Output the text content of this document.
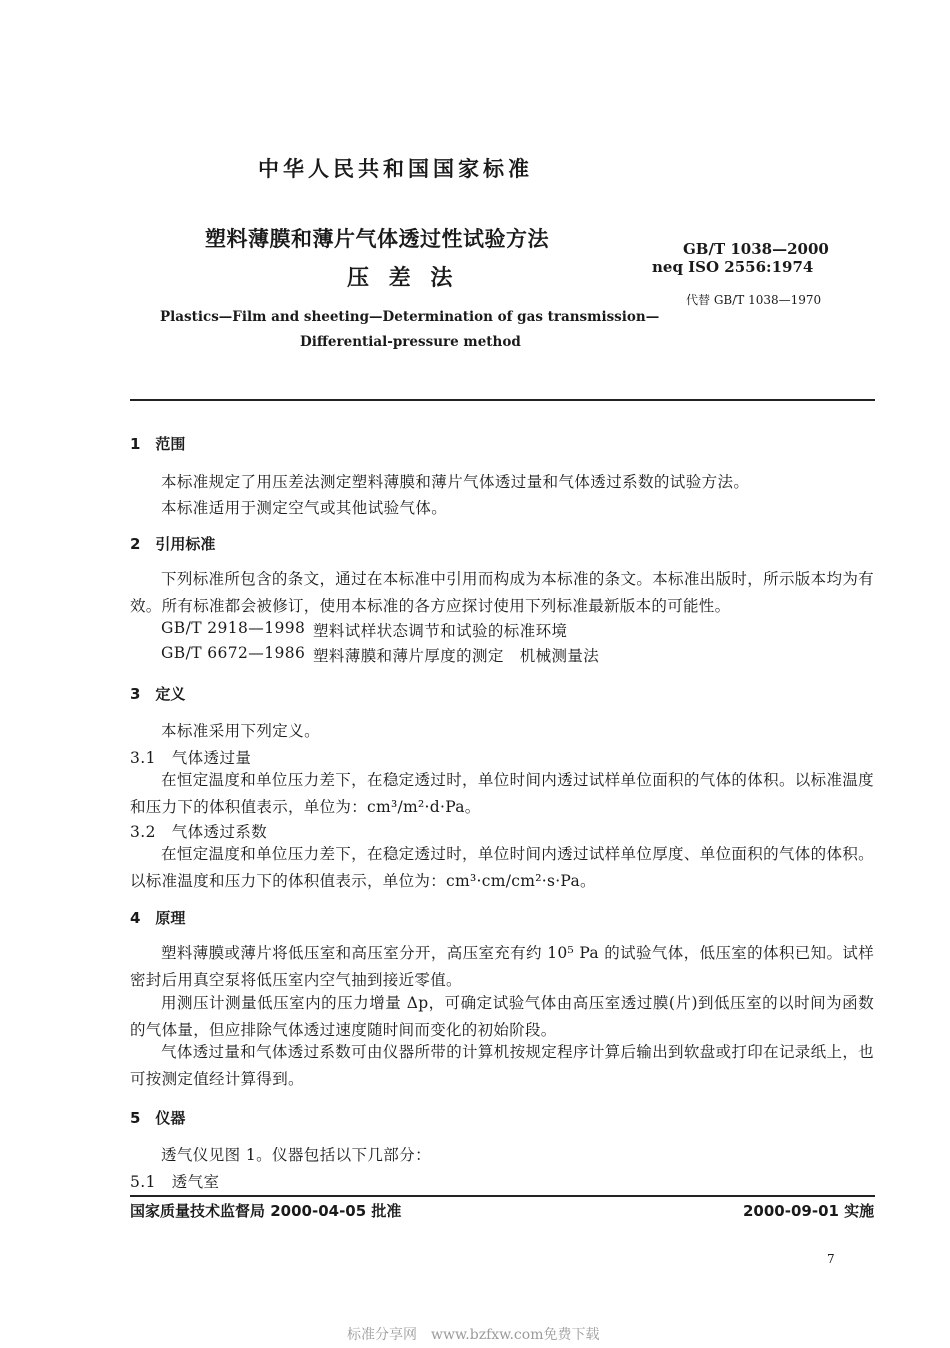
中华人民共和国国家标准
塑料薄膜和薄片气体透过性试验方法
压 差 法
GB/T 1038—2000
neq ISO 2556:1974
代替 GB/T 1038—1970
Plastics—Film and sheeting—Determination of gas transmission—
Differential-pressure method
1　范围
本标准规定了用压差法测定塑料薄膜和薄片气体透过量和气体透过系数的试验方法。
本标准适用于测定空气或其他试验气体。
2　引用标准
下列标准所包含的条文，通过在本标准中引用而构成为本标准的条文。本标准出版时，所示版本均为有效。所有标准都会被修订，使用本标准的各方应探讨使用下列标准最新版本的可能性。
GB/T 2918—1998 塑料试样状态调节和试验的标准环境
GB/T 6672—1986 塑料薄膜和薄片厚度的测定　机械测量法
3　定义
本标准采用下列定义。
3.1　气体透过量
在恒定温度和单位压力差下，在稳定透过时，单位时间内透过试样单位面积的气体的体积。以标准温度和压力下的体积值表示，单位为：cm³/m²·d·Pa。
3.2　气体透过系数
在恒定温度和单位压力差下，在稳定透过时，单位时间内透过试样单位厚度、单位面积的气体的体积。以标准温度和压力下的体积值表示，单位为：cm³·cm/cm²·s·Pa。
4　原理
塑料薄膜或薄片将低压室和高压室分开，高压室充有约 10⁵ Pa 的试验气体，低压室的体积已知。试样密封后用真空泵将低压室内空气抽到接近零值。
用测压计测量低压室内的压力增量 Δp，可确定试验气体由高压室透过膜(片)到低压室的以时间为函数的气体量，但应排除气体透过速度随时间而变化的初始阶段。
气体透过量和气体透过系数可由仪器所带的计算机按规定程序计算后输出到软盘或打印在记录纸上，也可按测定值经计算得到。
5　仪器
透气仪见图 1。仪器包括以下几部分：
5.1　透气室
国家质量技术监督局 2000-04-05 批准	2000-09-01 实施
7
标准分享网　www.bzfxw.com免费下载
